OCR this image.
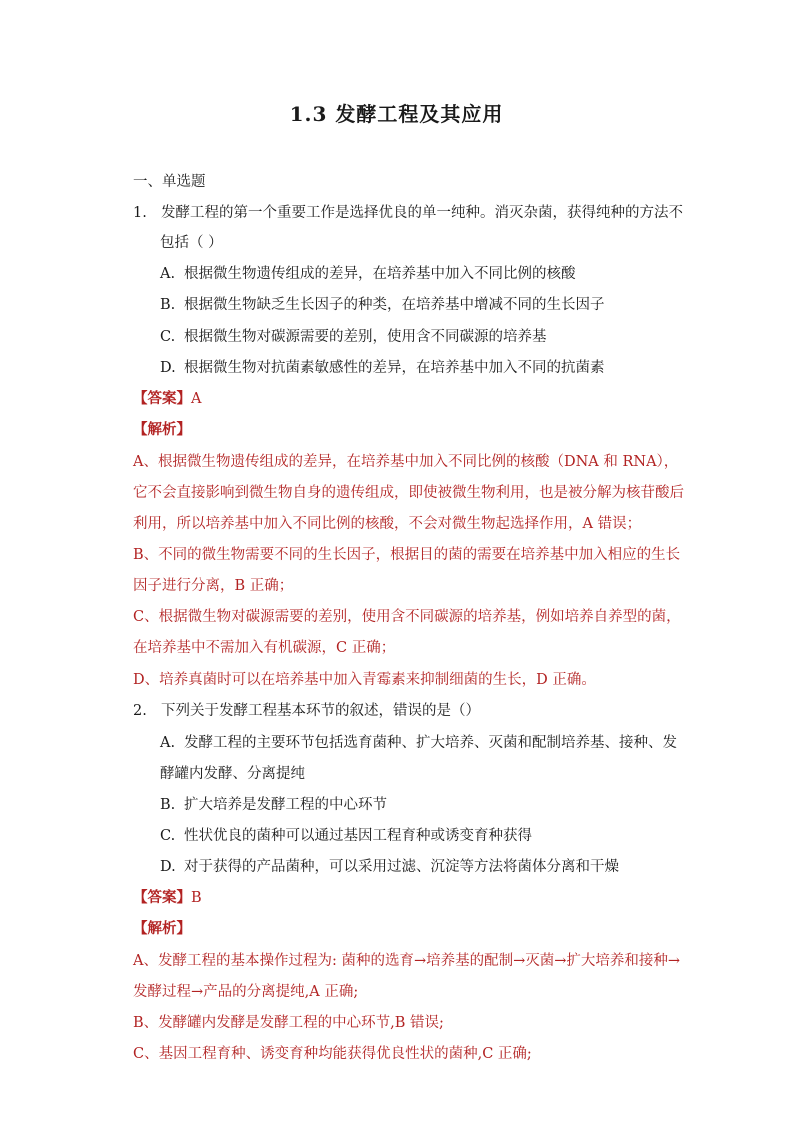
1.3 发酵工程及其应用
一、单选题
1. 发酵工程的第一个重要工作是选择优良的单一纯种。消灭杂菌，获得纯种的方法不
包括（ ）
A. 根据微生物遗传组成的差异，在培养基中加入不同比例的核酸
B. 根据微生物缺乏生长因子的种类，在培养基中增减不同的生长因子
C. 根据微生物对碳源需要的差别，使用含不同碳源的培养基
D. 根据微生物对抗菌素敏感性的差异，在培养基中加入不同的抗菌素
【答案】A
【解析】
A、根据微生物遗传组成的差异，在培养基中加入不同比例的核酸（DNA 和 RNA），
它不会直接影响到微生物自身的遗传组成，即使被微生物利用，也是被分解为核苷酸后
利用，所以培养基中加入不同比例的核酸，不会对微生物起选择作用，A 错误；
B、不同的微生物需要不同的生长因子，根据目的菌的需要在培养基中加入相应的生长
因子进行分离，B 正确；
C、根据微生物对碳源需要的差别，使用含不同碳源的培养基，例如培养自养型的菌，
在培养基中不需加入有机碳源，C 正确；
D、培养真菌时可以在培养基中加入青霉素来抑制细菌的生长，D 正确。
2. 下列关于发酵工程基本环节的叙述，错误的是（）
A. 发酵工程的主要环节包括选育菌种、扩大培养、灭菌和配制培养基、接种、发
酵罐内发酵、分离提纯
B. 扩大培养是发酵工程的中心环节
C. 性状优良的菌种可以通过基因工程育种或诱变育种获得
D. 对于获得的产品菌种，可以采用过滤、沉淀等方法将菌体分离和干燥
【答案】B
【解析】
A、发酵工程的基本操作过程为: 菌种的选育→培养基的配制→灭菌→扩大培养和接种→
发酵过程→产品的分离提纯,A 正确;
B、发酵罐内发酵是发酵工程的中心环节,B 错误;
C、基因工程育种、诱变育种均能获得优良性状的菌种,C 正确;
